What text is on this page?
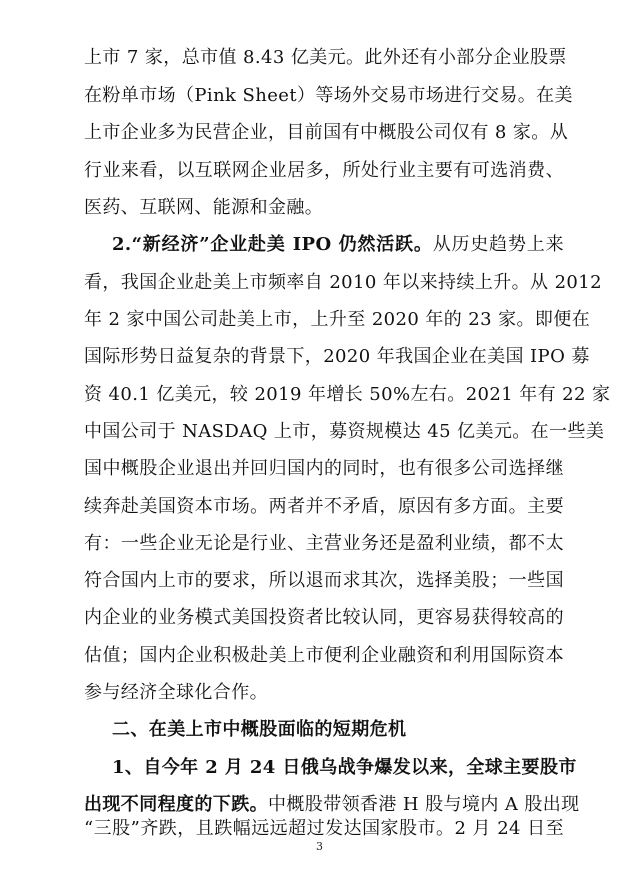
上市 7 家，总市值 8.43 亿美元。此外还有小部分企业股票
在粉单市场（Pink Sheet）等场外交易市场进行交易。在美
上市企业多为民营企业，目前国有中概股公司仅有 8 家。从
行业来看，以互联网企业居多，所处行业主要有可选消费、
医药、互联网、能源和金融。
2.“新经济”企业赴美 IPO 仍然活跃。从历史趋势上来
看，我国企业赴美上市频率自 2010 年以来持续上升。从 2012
年 2 家中国公司赴美上市，上升至 2020 年的 23 家。即便在
国际形势日益复杂的背景下，2020 年我国企业在美国 IPO 募
资 40.1 亿美元，较 2019 年增长 50%左右。2021 年有 22 家
中国公司于 NASDAQ 上市，募资规模达 45 亿美元。在一些美
国中概股企业退出并回归国内的同时，也有很多公司选择继
续奔赴美国资本市场。两者并不矛盾，原因有多方面。主要
有：一些企业无论是行业、主营业务还是盈利业绩，都不太
符合国内上市的要求，所以退而求其次，选择美股；一些国
内企业的业务模式美国投资者比较认同，更容易获得较高的
估值；国内企业积极赴美上市便利企业融资和利用国际资本
参与经济全球化合作。
二、在美上市中概股面临的短期危机
1、自今年 2 月 24 日俄乌战争爆发以来，全球主要股市
出现不同程度的下跌。中概股带领香港 H 股与境内 A 股出现
“三股”齐跌，且跌幅远远超过发达国家股市。2 月 24 日至
3
